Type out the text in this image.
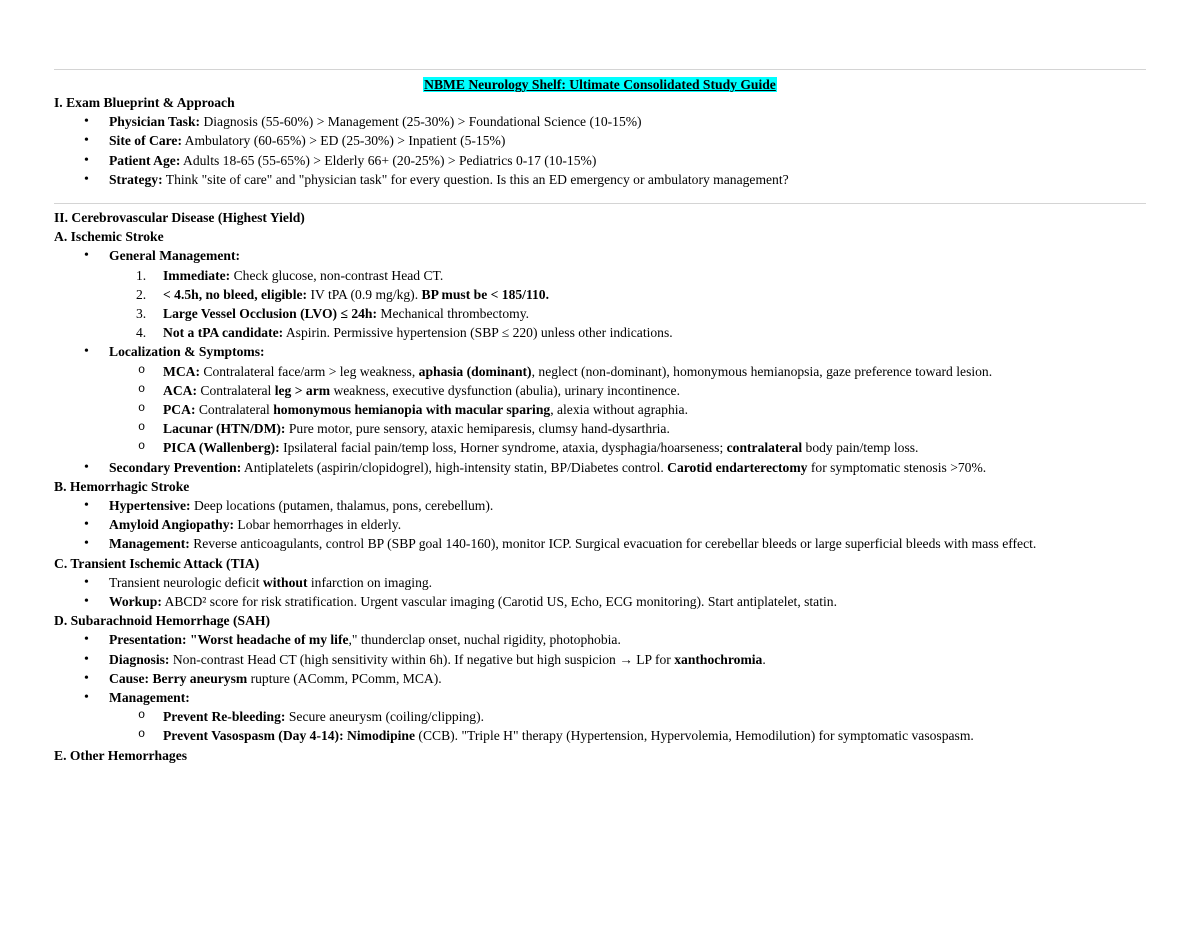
NBME Neurology Shelf: Ultimate Consolidated Study Guide

I. Exam Blueprint & Approach

• Physician Task: Diagnosis (55-60%) > Management (25-30%) > Foundational Science (10-15%)
• Site of Care: Ambulatory (60-65%) > ED (25-30%) > Inpatient (5-15%)
• Patient Age: Adults 18-65 (55-65%) > Elderly 66+ (20-25%) > Pediatrics 0-17 (10-15%)
• Strategy: Think "site of care" and "physician task" for every question. Is this an ED emergency or ambulatory management?

II. Cerebrovascular Disease (Highest Yield)

A. Ischemic Stroke

• General Management:
1. Immediate: Check glucose, non-contrast Head CT.
2. < 4.5h, no bleed, eligible: IV tPA (0.9 mg/kg). BP must be < 185/110.
3. Large Vessel Occlusion (LVO) ≤ 24h: Mechanical thrombectomy.
4. Not a tPA candidate: Aspirin. Permissive hypertension (SBP ≤ 220) unless other indications.
• Localization & Symptoms:
o MCA: Contralateral face/arm > leg weakness, aphasia (dominant), neglect (non-dominant), homonymous hemianopsia, gaze preference toward lesion.
o ACA: Contralateral leg > arm weakness, executive dysfunction (abulia), urinary incontinence.
o PCA: Contralateral homonymous hemianopia with macular sparing, alexia without agraphia.
o Lacunar (HTN/DM): Pure motor, pure sensory, ataxic hemiparesis, clumsy hand-dysarthria.
o PICA (Wallenberg): Ipsilateral facial pain/temp loss, Horner syndrome, ataxia, dysphagia/hoarseness; contralateral body pain/temp loss.
• Secondary Prevention: Antiplatelets (aspirin/clopidogrel), high-intensity statin, BP/Diabetes control. Carotid endarterectomy for symptomatic stenosis >70%.

B. Hemorrhagic Stroke

• Hypertensive: Deep locations (putamen, thalamus, pons, cerebellum).
• Amyloid Angiopathy: Lobar hemorrhages in elderly.
• Management: Reverse anticoagulants, control BP (SBP goal 140-160), monitor ICP. Surgical evacuation for cerebellar bleeds or large superficial bleeds with mass effect.

C. Transient Ischemic Attack (TIA)

• Transient neurologic deficit without infarction on imaging.
• Workup: ABCD² score for risk stratification. Urgent vascular imaging (Carotid US, Echo, ECG monitoring). Start antiplatelet, statin.

D. Subarachnoid Hemorrhage (SAH)

• Presentation: "Worst headache of my life," thunderclap onset, nuchal rigidity, photophobia.
• Diagnosis: Non-contrast Head CT (high sensitivity within 6h). If negative but high suspicion → LP for xanthochromia.
• Cause: Berry aneurysm rupture (AComm, PComm, MCA).
• Management:
o Prevent Re-bleeding: Secure aneurysm (coiling/clipping).
o Prevent Vasospasm (Day 4-14): Nimodipine (CCB). "Triple H" therapy (Hypertension, Hypervolemia, Hemodilution) for symptomatic vasospasm.

E. Other Hemorrhages
